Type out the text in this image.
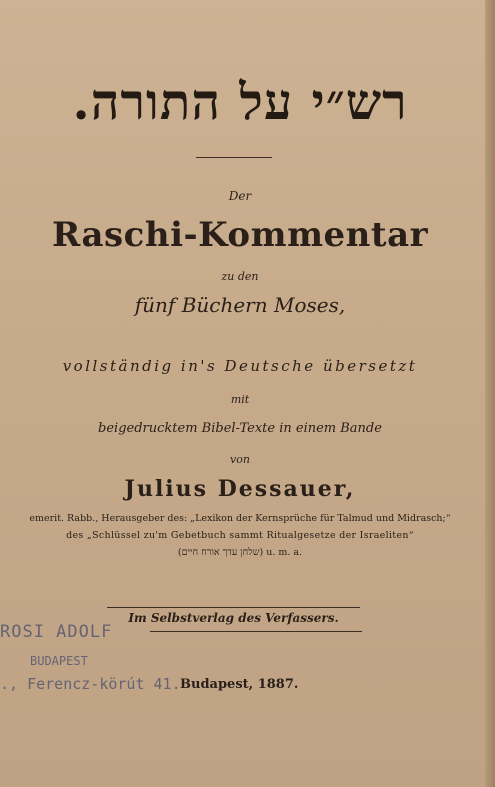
רש״י על התורה.
Der
Raschi-Kommentar
zu den
fünf Büchern Moses,
vollständig in's Deutsche übersetzt
mit
beigedrucktem Bibel-Texte in einem Bande
von
Julius Dessauer,
emerit. Rabb., Herausgeber des: „Lexikon der Kernsprüche für Talmud und Midrasch;“
des „Schlüssel zu'm Gebetbuch sammt Ritualgesetze der Israeliten“
(שלחן עדך אורח חיים) u. m. a.
Im Selbstverlag des Verfassers.
ROSI ADOLF
BUDAPEST
., Ferencz-körút 41. Budapest, 1887.
